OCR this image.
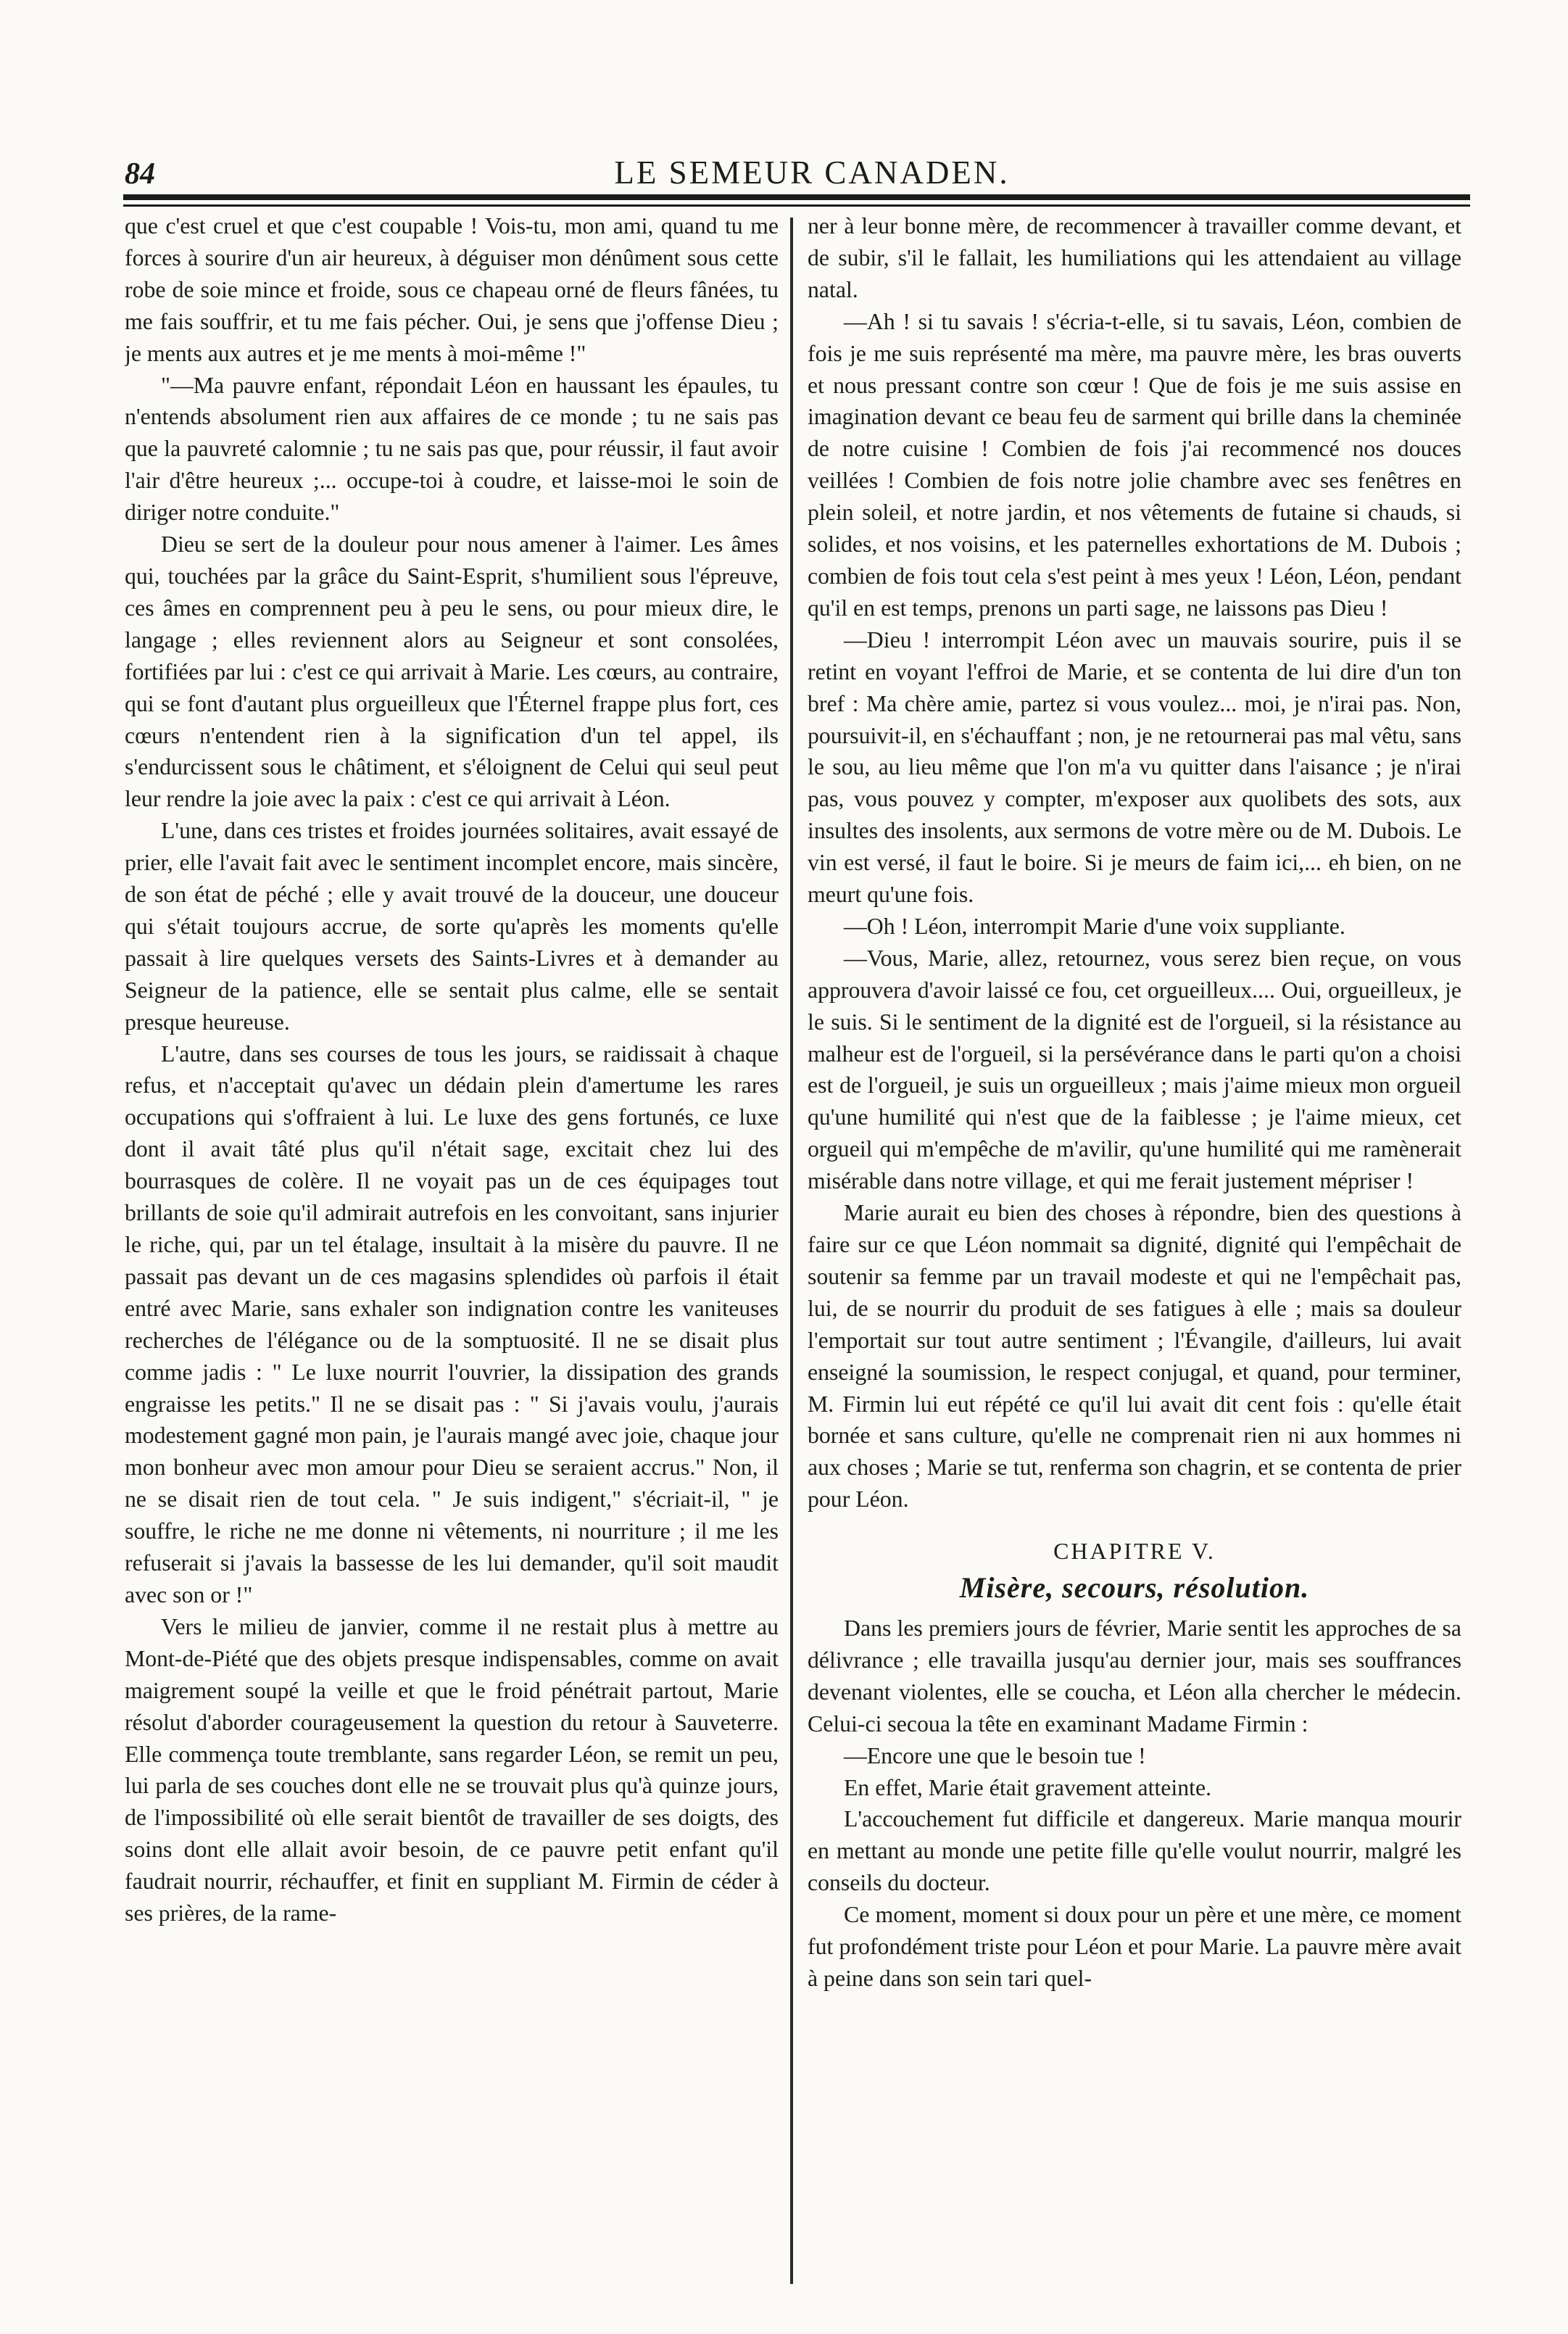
84	LE SEMEUR CANADEN.

que c'est cruel et que c'est coupable ! Vois-tu, mon ami, quand tu me forces à sourire d'un air heureux, à déguiser mon dénûment sous cette robe de soie mince et froide, sous ce chapeau orné de fleurs fânées, tu me fais souffrir, et tu me fais pécher. Oui, je sens que j'offense Dieu ; je ments aux autres et je me ments à moi-même !"

"—Ma pauvre enfant, répondait Léon en haussant les épaules, tu n'entends absolument rien aux affaires de ce monde ; tu ne sais pas que la pauvreté calomnie ; tu ne sais pas que, pour réussir, il faut avoir l'air d'être heureux ;... occupe-toi à coudre, et laisse-moi le soin de diriger notre conduite."

Dieu se sert de la douleur pour nous amener à l'aimer. Les âmes qui, touchées par la grâce du Saint-Esprit, s'humilient sous l'épreuve, ces âmes en comprennent peu à peu le sens, ou pour mieux dire, le langage ; elles reviennent alors au Seigneur et sont consolées, fortifiées par lui : c'est ce qui arrivait à Marie. Les cœurs, au contraire, qui se font d'autant plus orgueilleux que l'Éternel frappe plus fort, ces cœurs n'entendent rien à la signification d'un tel appel, ils s'endurcissent sous le châtiment, et s'éloignent de Celui qui seul peut leur rendre la joie avec la paix : c'est ce qui arrivait à Léon.

L'une, dans ces tristes et froides journées solitaires, avait essayé de prier, elle l'avait fait avec le sentiment incomplet encore, mais sincère, de son état de péché ; elle y avait trouvé de la douceur, une douceur qui s'était toujours accrue, de sorte qu'après les moments qu'elle passait à lire quelques versets des Saints-Livres et à demander au Seigneur de la patience, elle se sentait plus calme, elle se sentait presque heureuse.

L'autre, dans ses courses de tous les jours, se raidissait à chaque refus, et n'acceptait qu'avec un dédain plein d'amertume les rares occupations qui s'offraient à lui. Le luxe des gens fortunés, ce luxe dont il avait tâté plus qu'il n'était sage, excitait chez lui des bourrasques de colère. Il ne voyait pas un de ces équipages tout brillants de soie qu'il admirait autrefois en les convoitant, sans injurier le riche, qui, par un tel étalage, insultait à la misère du pauvre. Il ne passait pas devant un de ces magasins splendides où parfois il était entré avec Marie, sans exhaler son indignation contre les vaniteuses recherches de l'élégance ou de la somptuosité. Il ne se disait plus comme jadis : " Le luxe nourrit l'ouvrier, la dissipation des grands engraisse les petits." Il ne se disait pas : " Si j'avais voulu, j'aurais modestement gagné mon pain, je l'aurais mangé avec joie, chaque jour mon bonheur avec mon amour pour Dieu se seraient accrus." Non, il ne se disait rien de tout cela. " Je suis indigent," s'écriait-il, " je souffre, le riche ne me donne ni vêtements, ni nourriture ; il me les refuserait si j'avais la bassesse de les lui demander, qu'il soit maudit avec son or !"

Vers le milieu de janvier, comme il ne restait plus à mettre au Mont-de-Piété que des objets presque indispensables, comme on avait maigrement soupé la veille et que le froid pénétrait partout, Marie résolut d'aborder courageusement la question du retour à Sauveterre. Elle commença toute tremblante, sans regarder Léon, se remit un peu, lui parla de ses couches dont elle ne se trouvait plus qu'à quinze jours, de l'impossibilité où elle serait bientôt de travailler de ses doigts, des soins dont elle allait avoir besoin, de ce pauvre petit enfant qu'il faudrait nourrir, réchauffer, et finit en suppliant M. Firmin de céder à ses prières, de la rame-

ner à leur bonne mère, de recommencer à travailler comme devant, et de subir, s'il le fallait, les humiliations qui les attendaient au village natal.

—Ah ! si tu savais ! s'écria-t-elle, si tu savais, Léon, combien de fois je me suis représenté ma mère, ma pauvre mère, les bras ouverts et nous pressant contre son cœur ! Que de fois je me suis assise en imagination devant ce beau feu de sarment qui brille dans la cheminée de notre cuisine ! Combien de fois j'ai recommencé nos douces veillées ! Combien de fois notre jolie chambre avec ses fenêtres en plein soleil, et notre jardin, et nos vêtements de futaine si chauds, si solides, et nos voisins, et les paternelles exhortations de M. Dubois ; combien de fois tout cela s'est peint à mes yeux ! Léon, Léon, pendant qu'il en est temps, prenons un parti sage, ne laissons pas Dieu !

—Dieu ! interrompit Léon avec un mauvais sourire, puis il se retint en voyant l'effroi de Marie, et se contenta de lui dire d'un ton bref : Ma chère amie, partez si vous voulez... moi, je n'irai pas. Non, poursuivit-il, en s'échauffant ; non, je ne retournerai pas mal vêtu, sans le sou, au lieu même que l'on m'a vu quitter dans l'aisance ; je n'irai pas, vous pouvez y compter, m'exposer aux quolibets des sots, aux insultes des insolents, aux sermons de votre mère ou de M. Dubois. Le vin est versé, il faut le boire. Si je meurs de faim ici,... eh bien, on ne meurt qu'une fois.

—Oh ! Léon, interrompit Marie d'une voix suppliante.

—Vous, Marie, allez, retournez, vous serez bien reçue, on vous approuvera d'avoir laissé ce fou, cet orgueilleux.... Oui, orgueilleux, je le suis. Si le sentiment de la dignité est de l'orgueil, si la résistance au malheur est de l'orgueil, si la persévérance dans le parti qu'on a choisi est de l'orgueil, je suis un orgueilleux ; mais j'aime mieux mon orgueil qu'une humilité qui n'est que de la faiblesse ; je l'aime mieux, cet orgueil qui m'empêche de m'avilir, qu'une humilité qui me ramènerait misérable dans notre village, et qui me ferait justement mépriser !

Marie aurait eu bien des choses à répondre, bien des questions à faire sur ce que Léon nommait sa dignité, dignité qui l'empêchait de soutenir sa femme par un travail modeste et qui ne l'empêchait pas, lui, de se nourrir du produit de ses fatigues à elle ; mais sa douleur l'emportait sur tout autre sentiment ; l'Évangile, d'ailleurs, lui avait enseigné la soumission, le respect conjugal, et quand, pour terminer, M. Firmin lui eut répété ce qu'il lui avait dit cent fois : qu'elle était bornée et sans culture, qu'elle ne comprenait rien ni aux hommes ni aux choses ; Marie se tut, renferma son chagrin, et se contenta de prier pour Léon.

CHAPITRE V.
Misère, secours, résolution.

Dans les premiers jours de février, Marie sentit les approches de sa délivrance ; elle travailla jusqu'au dernier jour, mais ses souffrances devenant violentes, elle se coucha, et Léon alla chercher le médecin. Celui-ci secoua la tête en examinant Madame Firmin :

—Encore une que le besoin tue !

En effet, Marie était gravement atteinte.

L'accouchement fut difficile et dangereux. Marie manqua mourir en mettant au monde une petite fille qu'elle voulut nourrir, malgré les conseils du docteur.

Ce moment, moment si doux pour un père et une mère, ce moment fut profondément triste pour Léon et pour Marie. La pauvre mère avait à peine dans son sein tari quel-
